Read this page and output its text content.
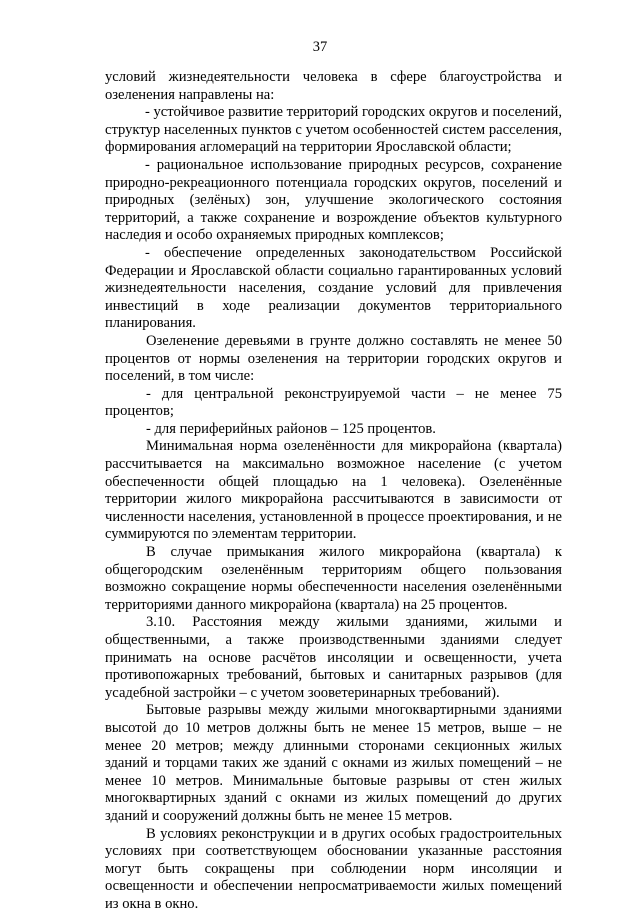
37

условий жизнедеятельности человека в сфере благоустройства и озеленения направлены на:

- устойчивое развитие территорий городских округов и поселений, структур населенных пунктов с учетом особенностей систем расселения, формирования агломераций на территории Ярославской области;

- рациональное использование природных ресурсов, сохранение природно-рекреационного потенциала городских округов, поселений и природных (зелёных) зон, улучшение экологического состояния территорий, а также сохранение и возрождение объектов культурного наследия и особо охраняемых природных комплексов;

- обеспечение определенных законодательством Российской Федерации и Ярославской области социально гарантированных условий жизнедеятельности населения, создание условий для привлечения инвестиций в ходе реализации документов территориального планирования.

Озеленение деревьями в грунте должно составлять не менее 50 процентов от нормы озеленения на территории городских округов и поселений, в том числе:

- для центральной реконструируемой части – не менее 75 процентов;

- для периферийных районов – 125 процентов.

Минимальная норма озеленённости для микрорайона (квартала) рассчитывается на максимально возможное население (с учетом обеспеченности общей площадью на 1 человека). Озеленённые территории жилого микрорайона рассчитываются в зависимости от численности населения, установленной в процессе проектирования, и не суммируются по элементам территории.

В случае примыкания жилого микрорайона (квартала) к общегородским озеленённым территориям общего пользования возможно сокращение нормы обеспеченности населения озеленёнными территориями данного микрорайона (квартала) на 25 процентов.

3.10. Расстояния между жилыми зданиями, жилыми и общественными, а также производственными зданиями следует принимать на основе расчётов инсоляции и освещенности, учета противопожарных требований, бытовых и санитарных разрывов (для усадебной застройки – с учетом зооветеринарных требований).

Бытовые разрывы между жилыми многоквартирными зданиями высотой до 10 метров должны быть не менее 15 метров, выше – не менее 20 метров; между длинными сторонами секционных жилых зданий и торцами таких же зданий с окнами из жилых помещений – не менее 10 метров. Минимальные бытовые разрывы от стен жилых многоквартирных зданий с окнами из жилых помещений до других зданий и сооружений должны быть не менее 15 метров.

В условиях реконструкции и в других особых градостроительных условиях при соответствующем обосновании указанные расстояния могут быть сокращены при соблюдении норм инсоляции и освещенности и обеспечении непросматриваемости жилых помещений из окна в окно.
